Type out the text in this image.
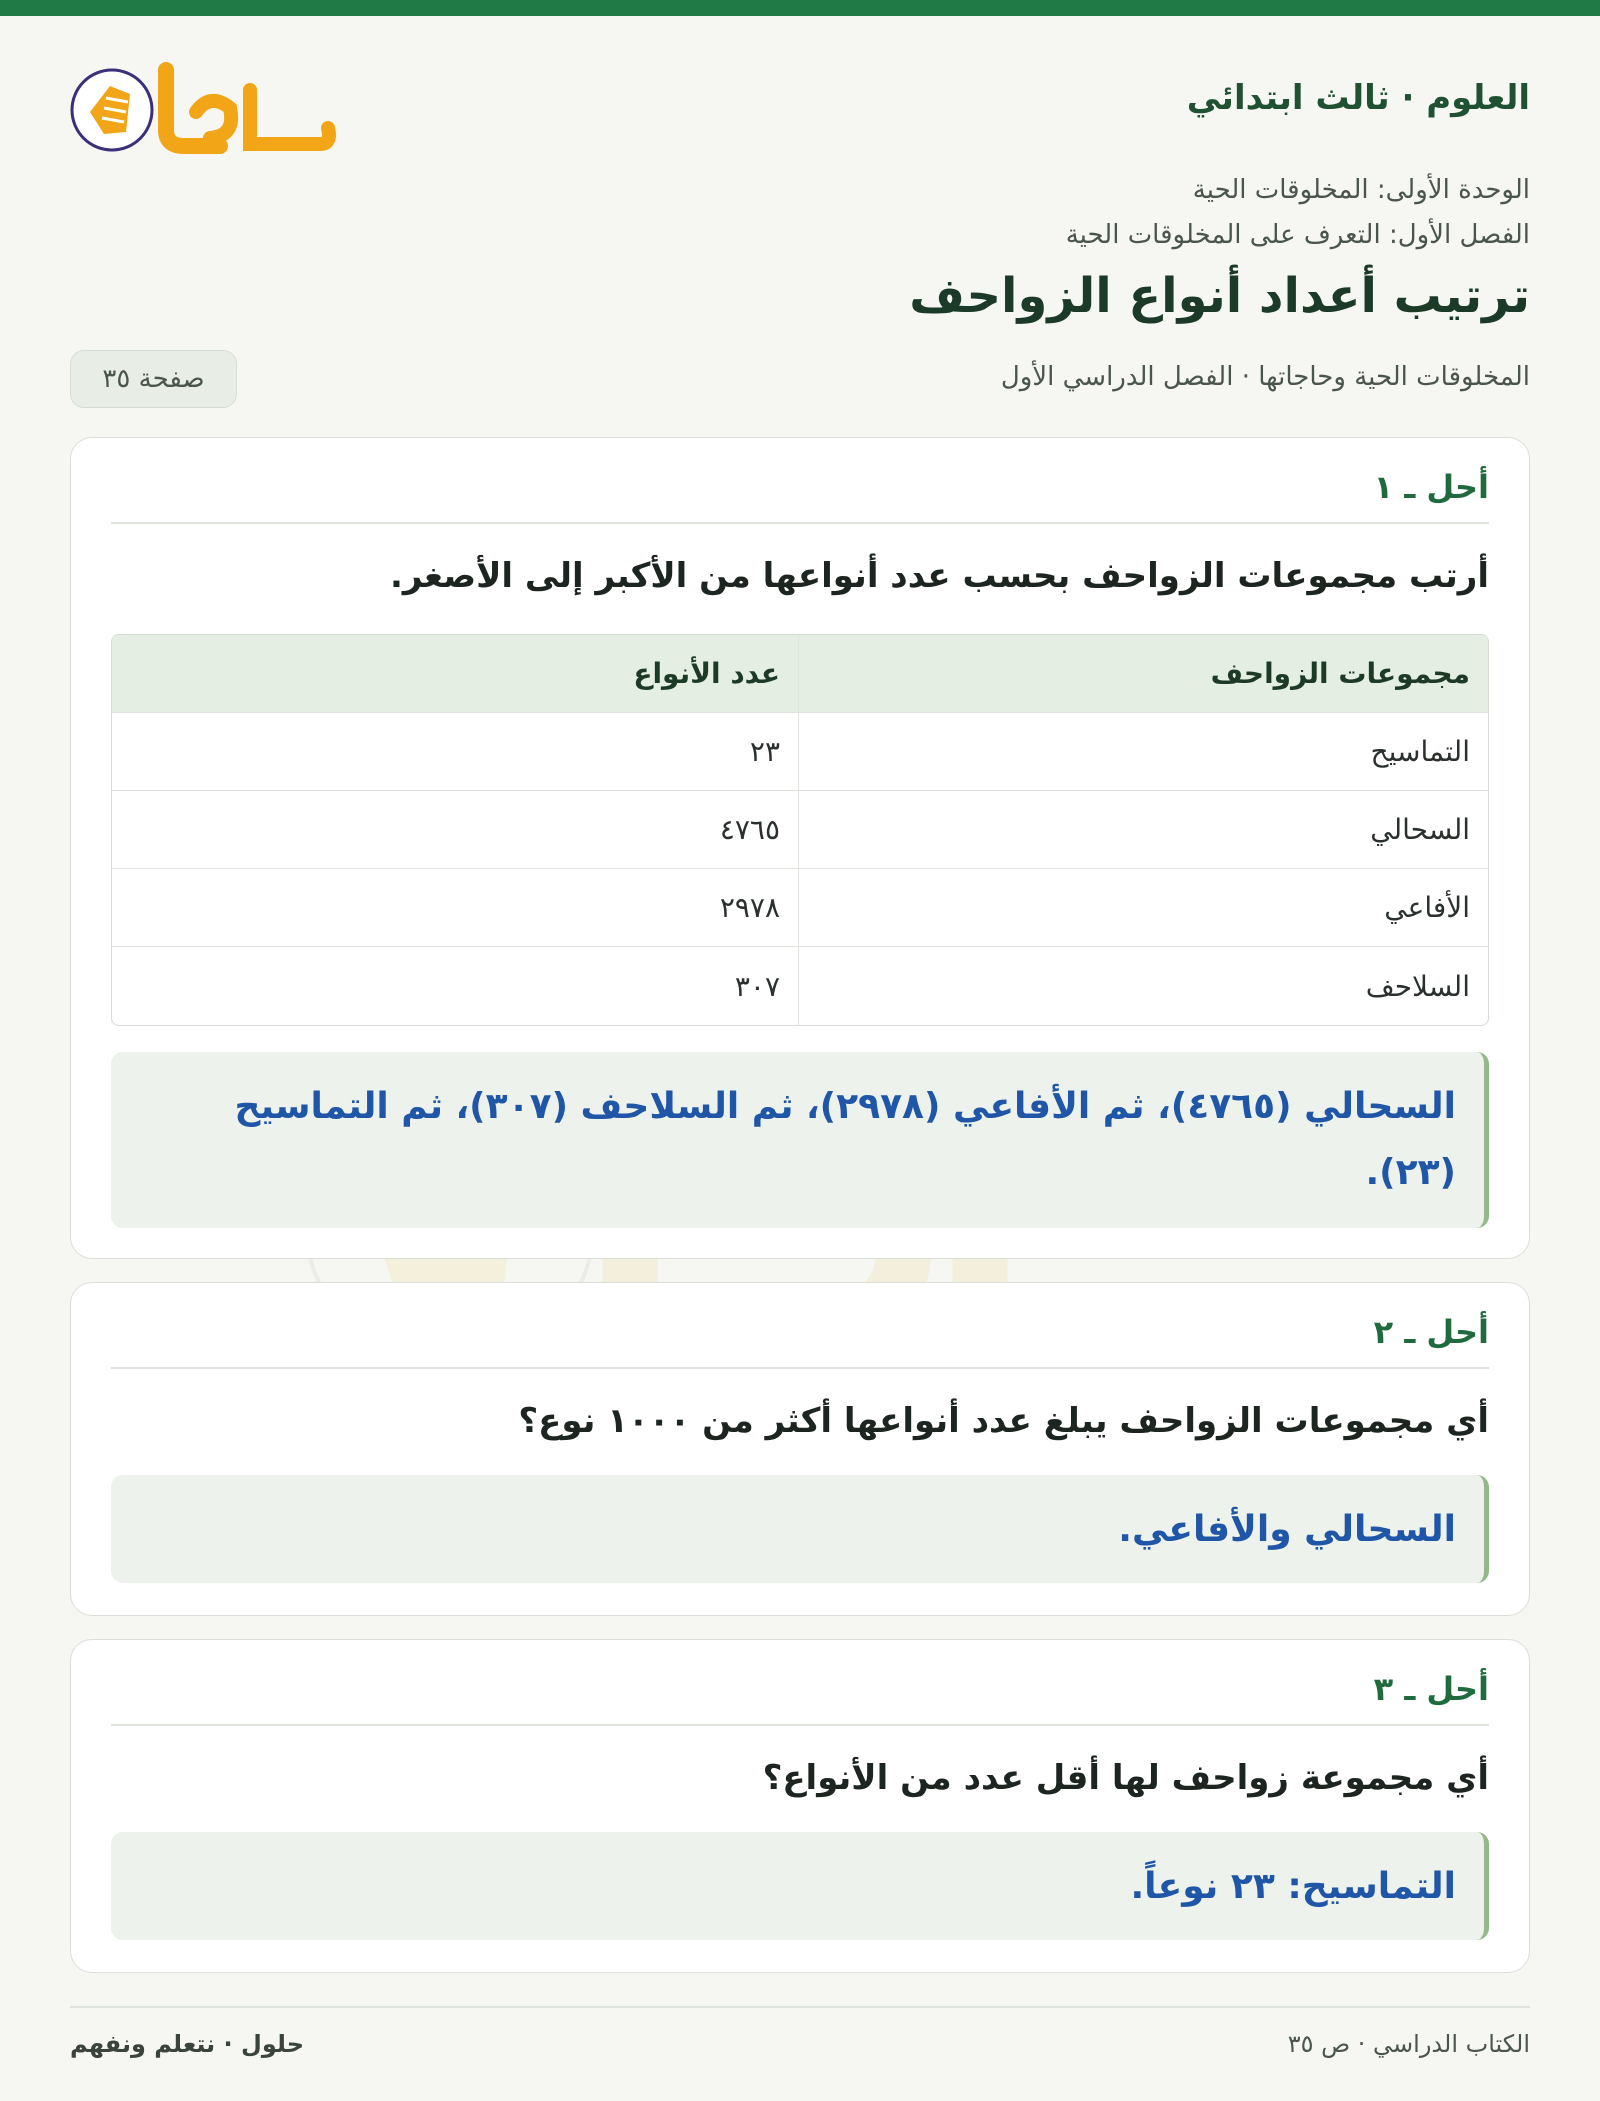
العلوم · ثالث ابتدائي
الوحدة الأولى: المخلوقات الحية
الفصل الأول: التعرف على المخلوقات الحية
ترتيب أعداد أنواع الزواحف
المخلوقات الحية وحاجاتها · الفصل الدراسي الأول
صفحة ٣٥
أحل ـ ١
أرتب مجموعات الزواحف بحسب عدد أنواعها من الأكبر إلى الأصغر.
مجموعات الزواحف
عدد الأنواع
التماسيح
٢٣
السحالي
٤٧٦٥
الأفاعي
٢٩٧٨
السلاحف
٣٠٧
السحالي (٤٧٦٥)، ثم الأفاعي (٢٩٧٨)، ثم السلاحف (٣٠٧)، ثم التماسيح (٢٣).
أحل ـ ٢
أي مجموعات الزواحف يبلغ عدد أنواعها أكثر من ١٠٠٠ نوع؟
السحالي والأفاعي.
أحل ـ ٣
أي مجموعة زواحف لها أقل عدد من الأنواع؟
التماسيح: ٢٣ نوعاً.
الكتاب الدراسي · ص ٣٥
حلول · نتعلم ونفهم
